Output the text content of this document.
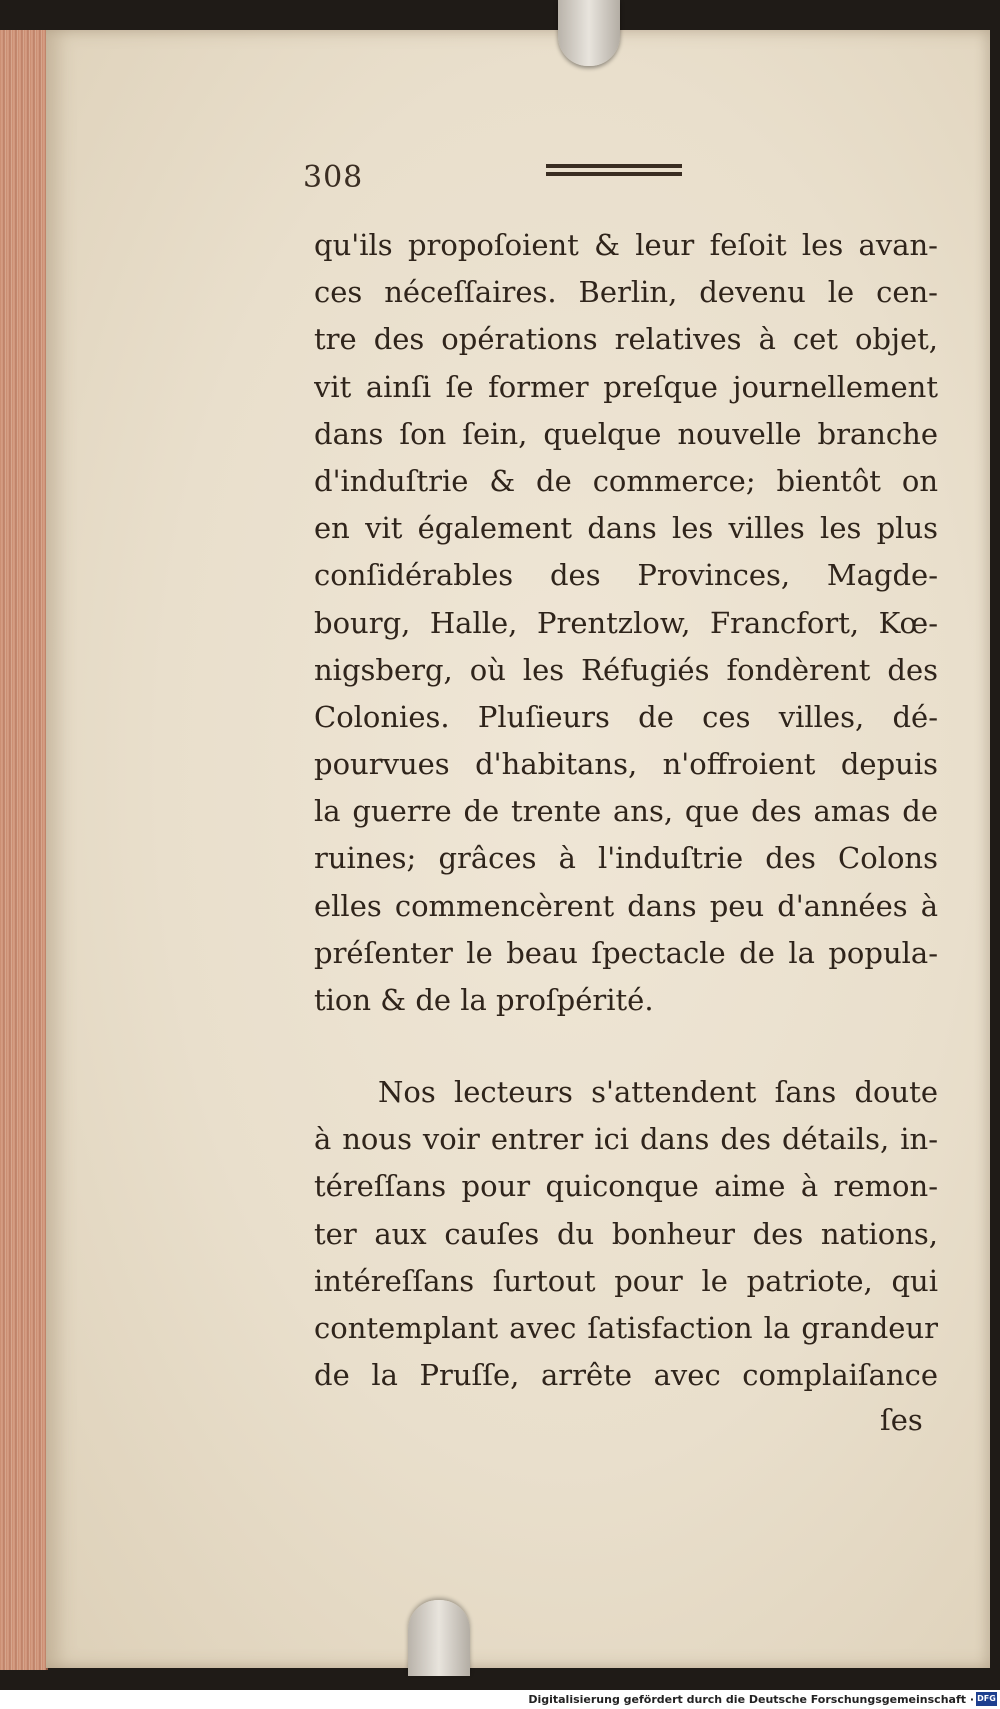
308
qu'ils propoſoient & leur feſoit les avan-
ces néceſſaires. Berlin, devenu le cen-
tre des opérations relatives à cet objet,
vit ainſi ſe former preſque journellement
dans ſon ſein, quelque nouvelle branche
d'induſtrie & de commerce; bientôt on
en vit également dans les villes les plus
conſidérables des Provinces, Magde-
bourg, Halle, Prentzlow, Francfort, Kœ-
nigsberg, où les Réfugiés fondèrent des
Colonies. Pluſieurs de ces villes, dé-
pourvues d'habitans, n'offroient depuis
la guerre de trente ans, que des amas de
ruines; grâces à l'induſtrie des Colons
elles commencèrent dans peu d'années à
préſenter le beau ſpectacle de la popula-
tion & de la proſpérité.
Nos lecteurs s'attendent ſans doute
à nous voir entrer ici dans des détails, in-
téreſſans pour quiconque aime à remon-
ter aux cauſes du bonheur des nations,
intéreſſans ſurtout pour le patriote, qui
contemplant avec ſatisfaction la grandeur
de la Pruſſe, arrête avec complaiſance
ſes
Digitalisierung gefördert durch die Deutsche Forschungsgemeinschaft · DFG
